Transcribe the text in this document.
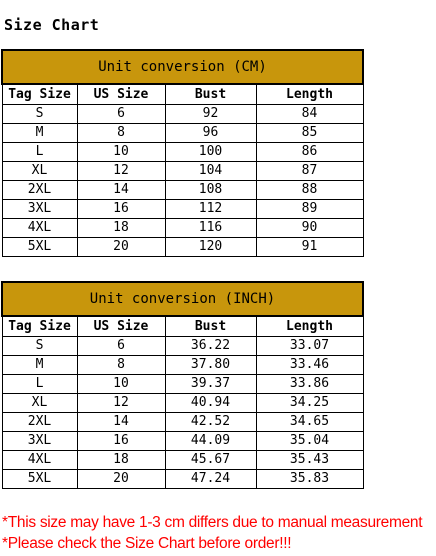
Size Chart
Unit conversion (CM)			
Tag Size	US Size	Bust	Length
S	6	92	84
M	8	96	85
L	10	100	86
XL	12	104	87
2XL	14	108	88
3XL	16	112	89
4XL	18	116	90
5XL	20	120	91
Unit conversion (INCH)			
Tag Size	US Size	Bust	Length
S	6	36.22	33.07
M	8	37.80	33.46
L	10	39.37	33.86
XL	12	40.94	34.25
2XL	14	42.52	34.65
3XL	16	44.09	35.04
4XL	18	45.67	35.43
5XL	20	47.24	35.83
*This size may have 1-3 cm differs due to manual measurement
*Please check the Size Chart before order!!!
